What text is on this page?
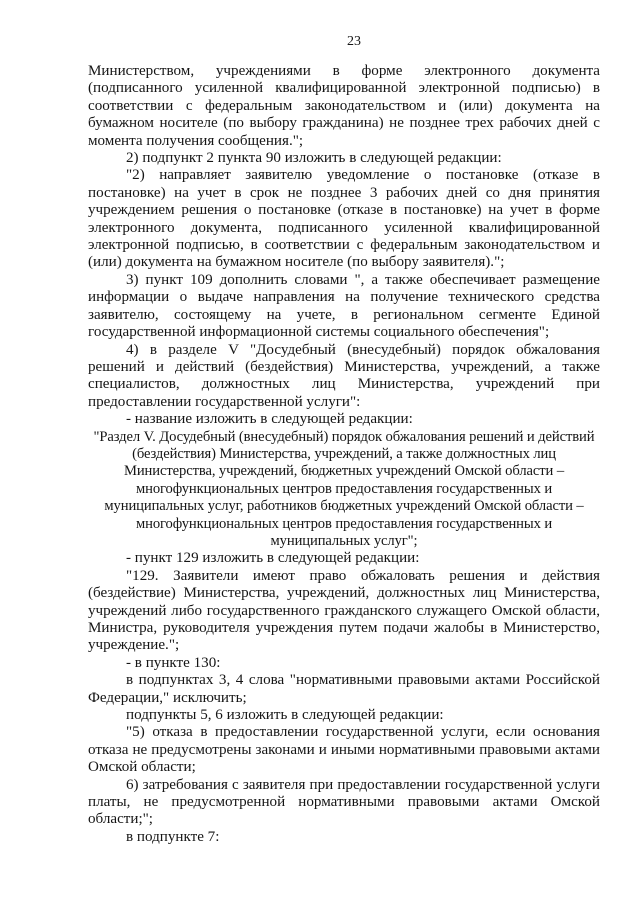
23

Министерством, учреждениями в форме электронного документа (подписанного усиленной квалифицированной электронной подписью) в соответствии с федеральным законодательством и (или) документа на бумажном носителе (по выбору гражданина) не позднее трех рабочих дней с момента получения сообщения.";

2) подпункт 2 пункта 90 изложить в следующей редакции:

"2) направляет заявителю уведомление о постановке (отказе в постановке) на учет в срок не позднее 3 рабочих дней со дня принятия учреждением решения о постановке (отказе в постановке) на учет в форме электронного документа, подписанного усиленной квалифицированной электронной подписью, в соответствии с федеральным законодательством и (или) документа на бумажном носителе (по выбору заявителя).";

3) пункт 109 дополнить словами ", а также обеспечивает размещение информации о выдаче направления на получение технического средства заявителю, состоящему на учете, в региональном сегменте Единой государственной информационной системы социального обеспечения";

4) в разделе V "Досудебный (внесудебный) порядок обжалования решений и действий (бездействия) Министерства, учреждений, а также специалистов, должностных лиц Министерства, учреждений при предоставлении государственной услуги":

- название изложить в следующей редакции:

"Раздел V. Досудебный (внесудебный) порядок обжалования решений и действий (бездействия) Министерства, учреждений, а также должностных лиц Министерства, учреждений, бюджетных учреждений Омской области – многофункциональных центров предоставления государственных и муниципальных услуг, работников бюджетных учреждений Омской области – многофункциональных центров предоставления государственных и муниципальных услуг";

- пункт 129 изложить в следующей редакции:

"129. Заявители имеют право обжаловать решения и действия (бездействие) Министерства, учреждений, должностных лиц Министерства, учреждений либо государственного гражданского служащего Омской области, Министра, руководителя учреждения путем подачи жалобы в Министерство, учреждение.";

- в пункте 130:

в подпунктах 3, 4 слова "нормативными правовыми актами Российской Федерации," исключить;

подпункты 5, 6 изложить в следующей редакции:

"5) отказа в предоставлении государственной услуги, если основания отказа не предусмотрены законами и иными нормативными правовыми актами Омской области;

6) затребования с заявителя при предоставлении государственной услуги платы, не предусмотренной нормативными правовыми актами Омской области;";

в подпункте 7:
